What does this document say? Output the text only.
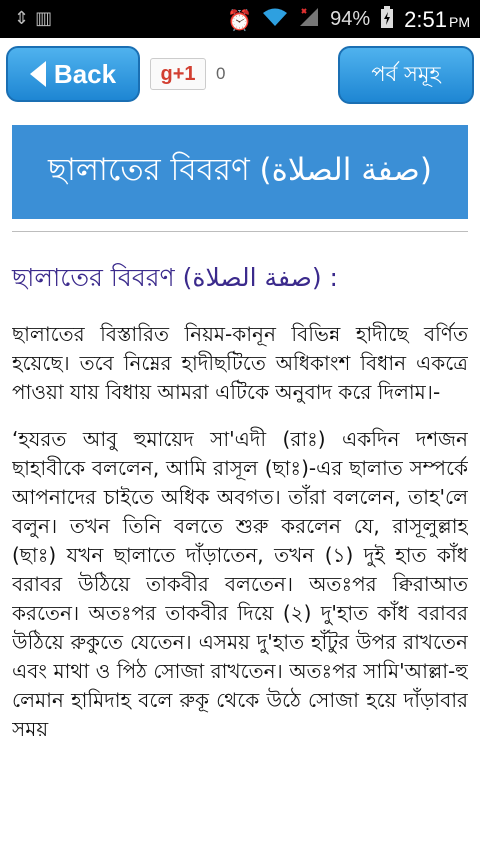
⇕▥	⏰	94% 2:51 PM
Back	g+1	0	পর্ব সমূহ
ছালাতের বিবরণ (صفة الصلاة)
ছালাতের বিবরণ (صفة الصلاة) :

ছালাতের বিস্তারিত নিয়ম-কানূন বিভিন্ন হাদীছে বর্ণিত হয়েছে। তবে নিম্নের হাদীছটিতে অধিকাংশ বিধান একত্রে পাওয়া যায় বিধায় আমরা এটিকে অনুবাদ করে দিলাম।-

‘হযরত আবু হুমায়েদ সা'এদী (রাঃ) একদিন দশজন ছাহাবীকে বললেন, আমি রাসূল (ছাঃ)-এর ছালাত সম্পর্কে আপনাদের চাইতে অধিক অবগত। তাঁরা বললেন, তাহ'লে বলুন। তখন তিনি বলতে শুরু করলেন যে, রাসূলুল্লাহ (ছাঃ) যখন ছালাতে দাঁড়াতেন, তখন (১) দুই হাত কাঁধ বরাবর উঠিয়ে তাকবীর বলতেন। অতঃপর ক্বিরাআত করতেন। অতঃপর তাকবীর দিয়ে (২) দু'হাত কাঁধ বরাবর উঠিয়ে রুকুতে যেতেন। এসময় দু'হাত হাঁটুর উপর রাখতেন এবং মাথা ও পিঠ সোজা রাখতেন। অতঃপর সামি'আল্লা-হু লেমান হামিদাহ বলে রুকূ থেকে উঠে সোজা হয়ে দাঁড়াবার সময়
